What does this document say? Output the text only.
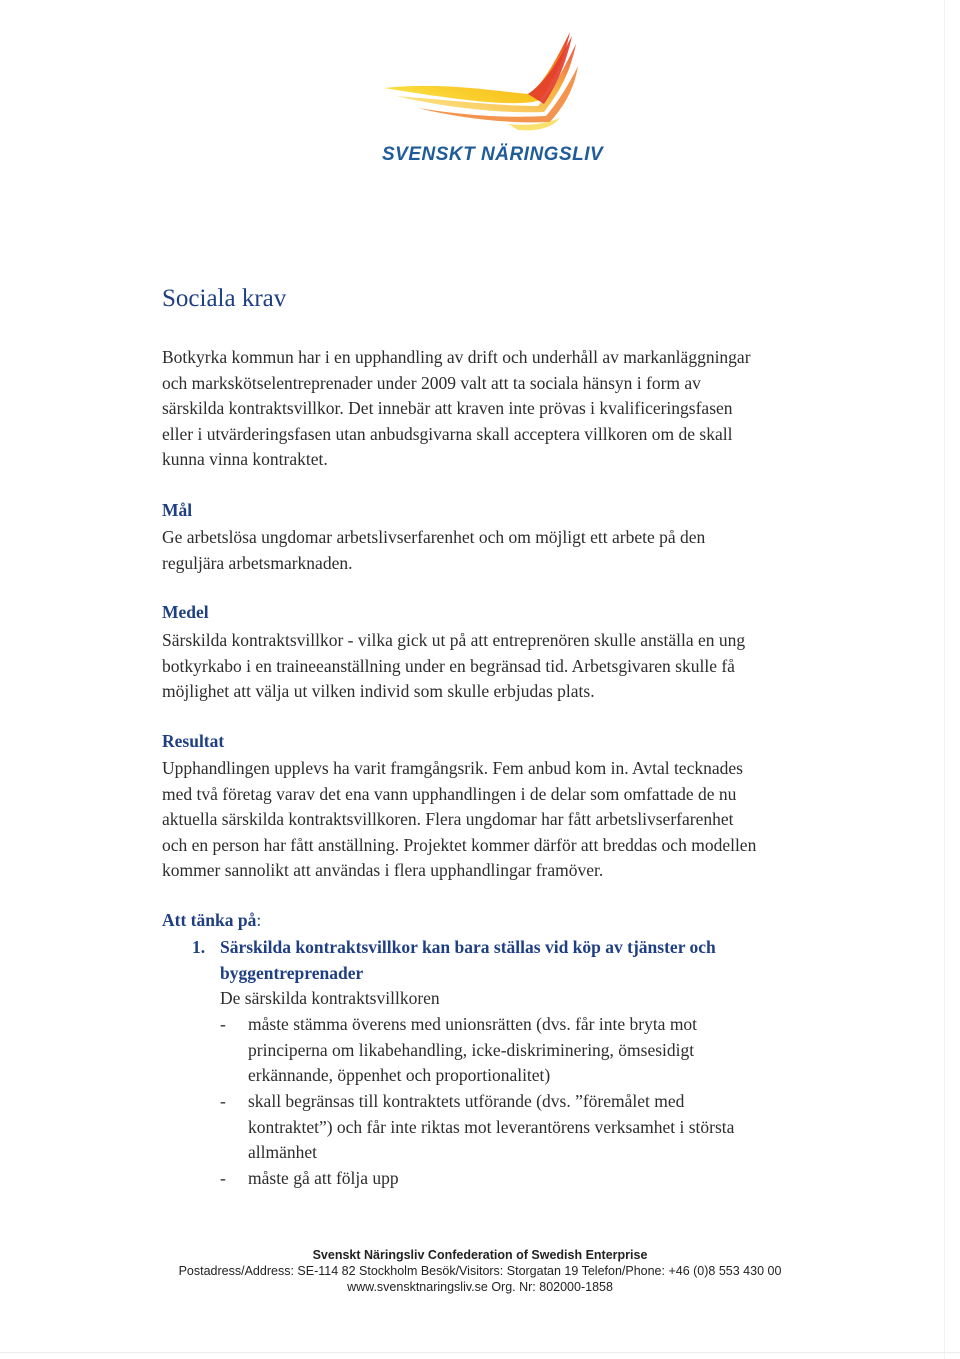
SVENSKT NÄRINGSLIV
Sociala krav
Botkyrka kommun har i en upphandling av drift och underhåll av markanläggningar
och markskötselentreprenader under 2009 valt att ta sociala hänsyn i form av
särskilda kontraktsvillkor. Det innebär att kraven inte prövas i kvalificeringsfasen
eller i utvärderingsfasen utan anbudsgivarna skall acceptera villkoren om de skall
kunna vinna kontraktet.
Mål
Ge arbetslösa ungdomar arbetslivserfarenhet och om möjligt ett arbete på den
reguljära arbetsmarknaden.
Medel
Särskilda kontraktsvillkor - vilka gick ut på att entreprenören skulle anställa en ung
botkyrkabo i en traineeanställning under en begränsad tid. Arbetsgivaren skulle få
möjlighet att välja ut vilken individ som skulle erbjudas plats.
Resultat
Upphandlingen upplevs ha varit framgångsrik. Fem anbud kom in. Avtal tecknades
med två företag varav det ena vann upphandlingen i de delar som omfattade de nu
aktuella särskilda kontraktsvillkoren. Flera ungdomar har fått arbetslivserfarenhet
och en person har fått anställning. Projektet kommer därför att breddas och modellen
kommer sannolikt att användas i flera upphandlingar framöver.
Att tänka på:
1. Särskilda kontraktsvillkor kan bara ställas vid köp av tjänster och
byggentreprenader
De särskilda kontraktsvillkoren
- måste stämma överens med unionsrätten (dvs. får inte bryta mot
principerna om likabehandling, icke-diskriminering, ömsesidigt
erkännande, öppenhet och proportionalitet)
- skall begränsas till kontraktets utförande (dvs. ”föremålet med
kontraktet”) och får inte riktas mot leverantörens verksamhet i största
allmänhet
- måste gå att följa upp
Svenskt Näringsliv Confederation of Swedish Enterprise
Postadress/Address: SE-114 82 Stockholm Besök/Visitors: Storgatan 19 Telefon/Phone: +46 (0)8 553 430 00
www.svensktnaringsliv.se Org. Nr: 802000-1858
